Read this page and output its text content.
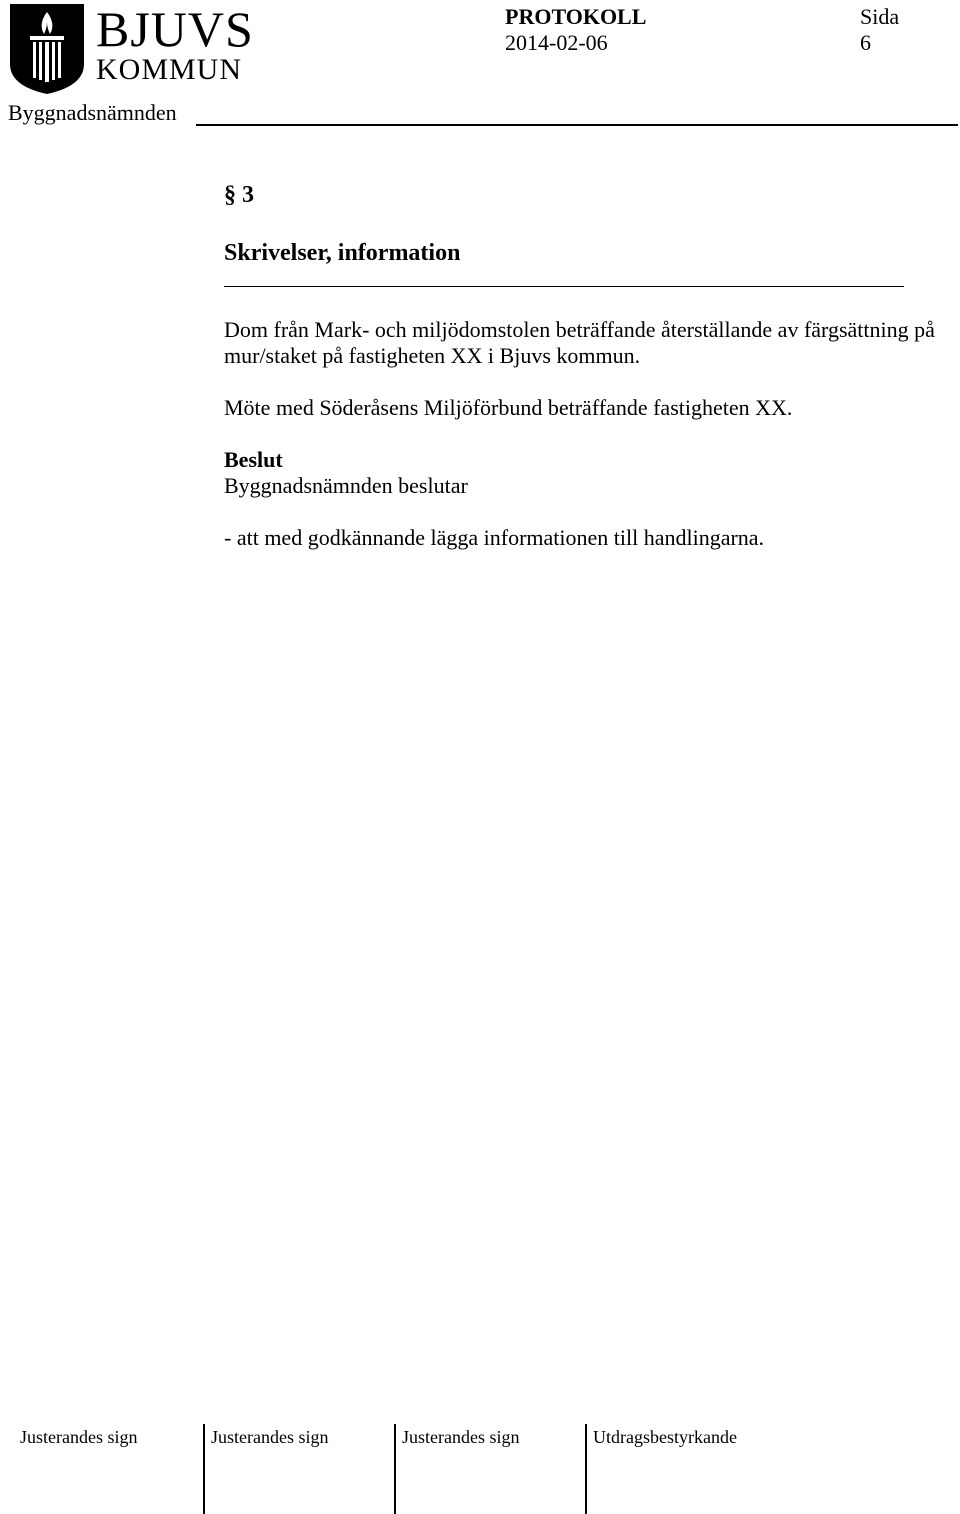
BJUVS
KOMMUN
PROTOKOLL
2014-02-06
Sida
6
Byggnadsnämnden
§ 3
Skrivelser, information

Dom från Mark- och miljödomstolen beträffande återställande av färgsättning på mur/staket på fastigheten XX i Bjuvs kommun.

Möte med Söderåsens Miljöförbund beträffande fastigheten XX.

Beslut

Byggnadsnämnden beslutar

- att med godkännande lägga informationen till handlingarna.

Justerandes sign	Justerandes sign	Justerandes sign	Utdragsbestyrkande
